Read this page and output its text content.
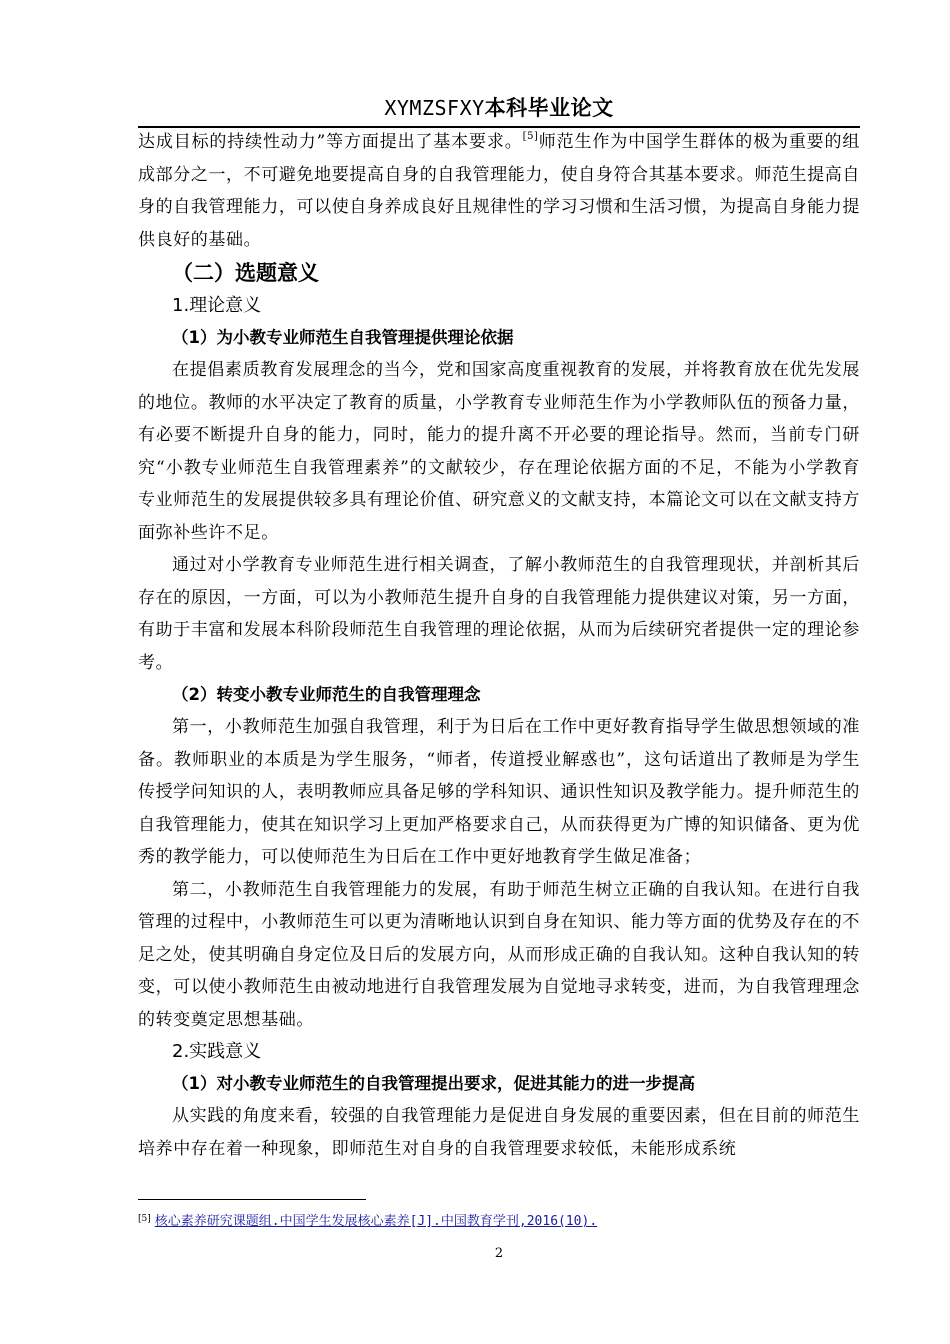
XYMZSFXY本科毕业论文

达成目标的持续性动力”等方面提出了基本要求。[5]师范生作为中国学生群体的极为重要的组成部分之一，不可避免地要提高自身的自我管理能力，使自身符合其基本要求。师范生提高自身的自我管理能力，可以使自身养成良好且规律性的学习习惯和生活习惯，为提高自身能力提供良好的基础。

（二）选题意义

1.理论意义

（1）为小教专业师范生自我管理提供理论依据

在提倡素质教育发展理念的当今，党和国家高度重视教育的发展，并将教育放在优先发展的地位。教师的水平决定了教育的质量，小学教育专业师范生作为小学教师队伍的预备力量，有必要不断提升自身的能力，同时，能力的提升离不开必要的理论指导。然而，当前专门研究“小教专业师范生自我管理素养”的文献较少，存在理论依据方面的不足，不能为小学教育专业师范生的发展提供较多具有理论价值、研究意义的文献支持，本篇论文可以在文献支持方面弥补些许不足。

通过对小学教育专业师范生进行相关调查，了解小教师范生的自我管理现状，并剖析其后存在的原因，一方面，可以为小教师范生提升自身的自我管理能力提供建议对策，另一方面，有助于丰富和发展本科阶段师范生自我管理的理论依据，从而为后续研究者提供一定的理论参考。

（2）转变小教专业师范生的自我管理理念

第一，小教师范生加强自我管理，利于为日后在工作中更好教育指导学生做思想领域的准备。教师职业的本质是为学生服务，“师者，传道授业解惑也”，这句话道出了教师是为学生传授学问知识的人，表明教师应具备足够的学科知识、通识性知识及教学能力。提升师范生的自我管理能力，使其在知识学习上更加严格要求自己，从而获得更为广博的知识储备、更为优秀的教学能力，可以使师范生为日后在工作中更好地教育学生做足准备；

第二，小教师范生自我管理能力的发展，有助于师范生树立正确的自我认知。在进行自我管理的过程中，小教师范生可以更为清晰地认识到自身在知识、能力等方面的优势及存在的不足之处，使其明确自身定位及日后的发展方向，从而形成正确的自我认知。这种自我认知的转变，可以使小教师范生由被动地进行自我管理发展为自觉地寻求转变，进而，为自我管理理念的转变奠定思想基础。

2.实践意义

（1）对小教专业师范生的自我管理提出要求，促进其能力的进一步提高

从实践的角度来看，较强的自我管理能力是促进自身发展的重要因素，但在目前的师范生培养中存在着一种现象，即师范生对自身的自我管理要求较低，未能形成系统

[5] 核心素养研究课题组.中国学生发展核心素养[J].中国教育学刊,2016(10).
2
